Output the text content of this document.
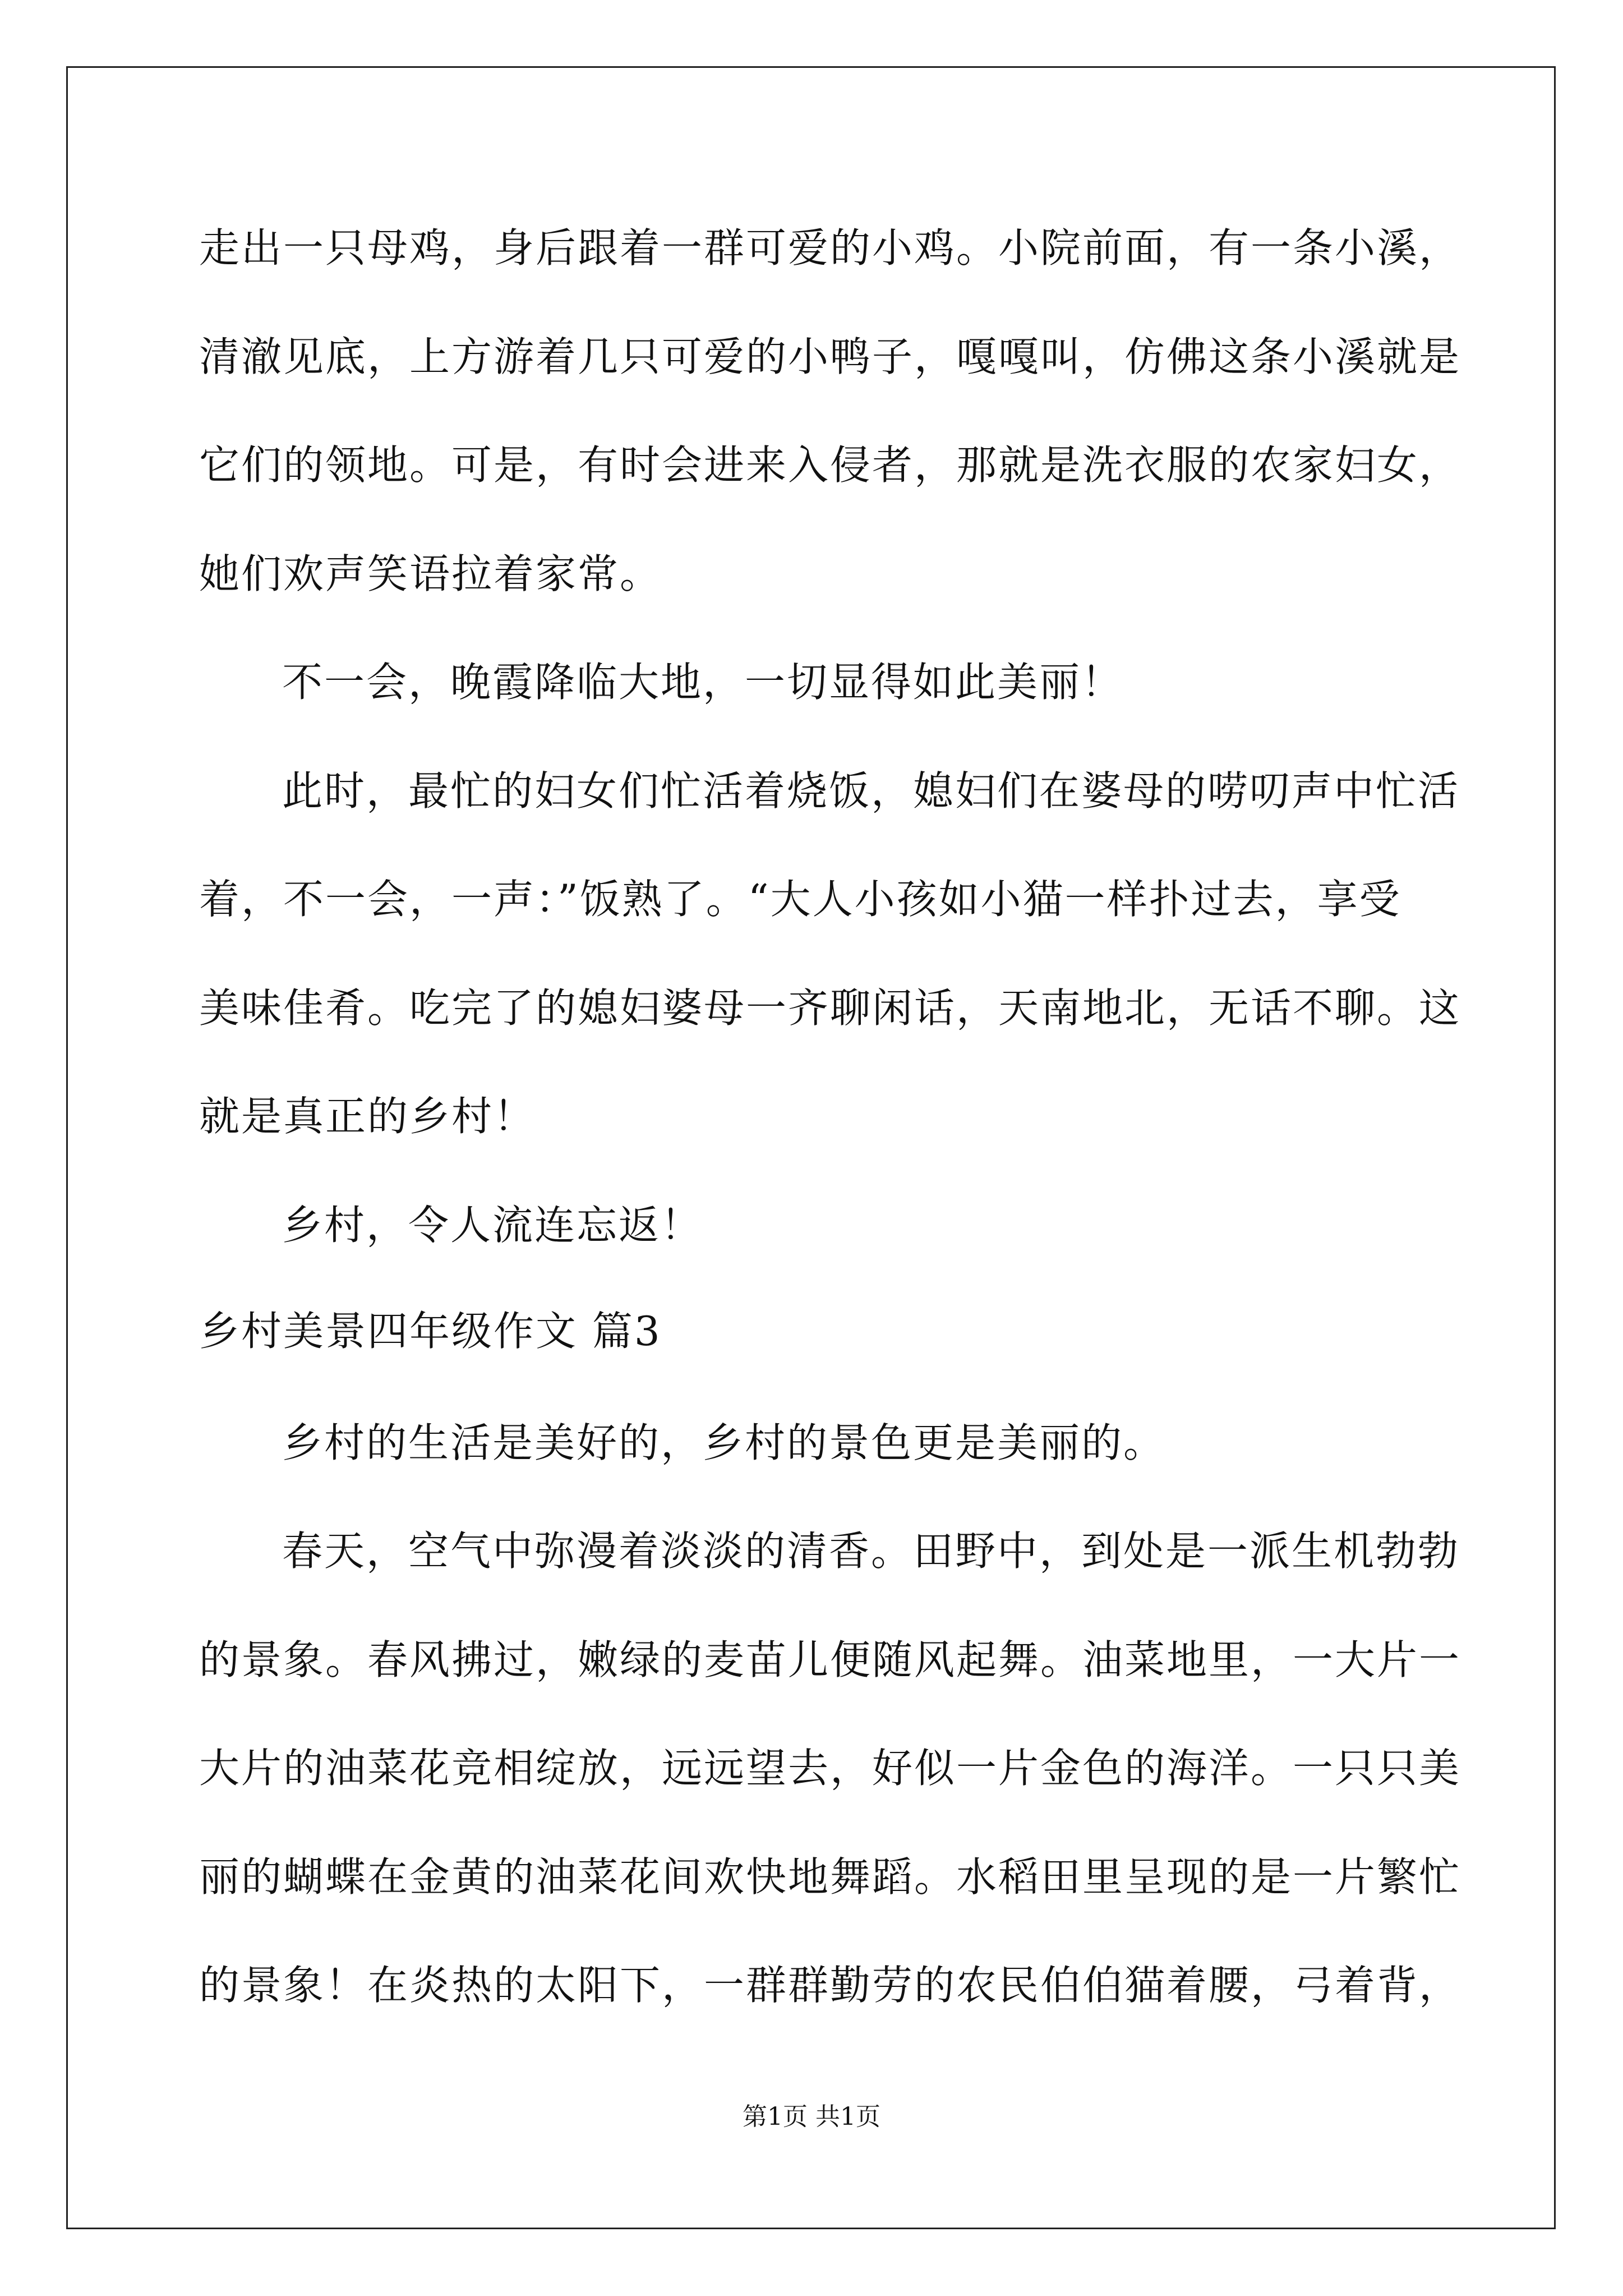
走出一只母鸡，身后跟着一群可爱的小鸡。小院前面，有一条小溪，
清澈见底，上方游着几只可爱的小鸭子，嘎嘎叫，仿佛这条小溪就是
它们的领地。可是，有时会进来入侵者，那就是洗衣服的农家妇女，
她们欢声笑语拉着家常。
不一会，晚霞降临大地，一切显得如此美丽！
此时，最忙的妇女们忙活着烧饭，媳妇们在婆母的唠叨声中忙活
着，不一会，一声：”饭熟了。“大人小孩如小猫一样扑过去，享受
美味佳肴。吃完了的媳妇婆母一齐聊闲话，天南地北，无话不聊。这
就是真正的乡村！
乡村，令人流连忘返！
乡村美景四年级作文 篇3
乡村的生活是美好的，乡村的景色更是美丽的。
春天，空气中弥漫着淡淡的清香。田野中，到处是一派生机勃勃
的景象。春风拂过，嫩绿的麦苗儿便随风起舞。油菜地里，一大片一
大片的油菜花竞相绽放，远远望去，好似一片金色的海洋。一只只美
丽的蝴蝶在金黄的油菜花间欢快地舞蹈。水稻田里呈现的是一片繁忙
的景象！在炎热的太阳下，一群群勤劳的农民伯伯猫着腰，弓着背，
第1页 共1页
